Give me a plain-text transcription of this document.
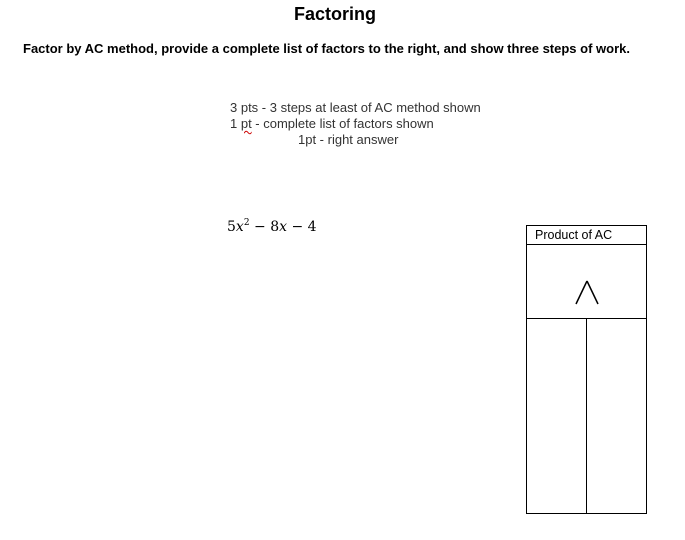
Factoring
Factor by AC method, provide a complete list of factors to the right, and show three steps of work.
3 pts - 3 steps at least of AC method shown
1 pt - complete list of factors shown
1pt - right answer
$5x^2 - 8x - 4$	Product of AC
